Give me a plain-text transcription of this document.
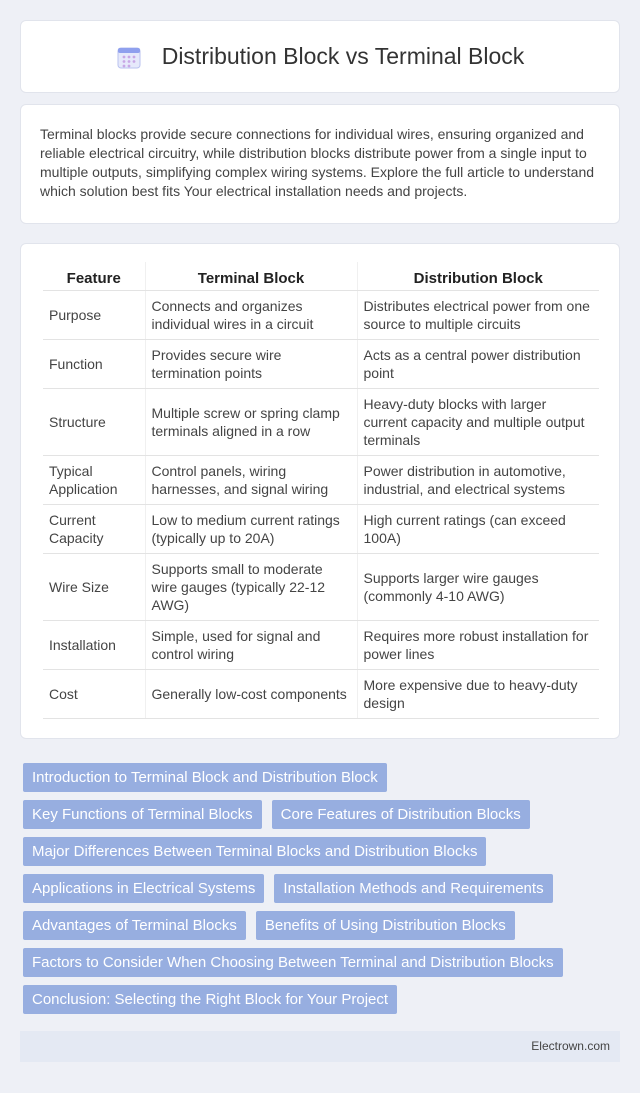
Distribution Block vs Terminal Block

Terminal blocks provide secure connections for individual wires, ensuring organized and reliable electrical circuitry, while distribution blocks distribute power from a single input to multiple outputs, simplifying complex wiring systems. Explore the full article to understand which solution best fits Your electrical installation needs and projects.

Feature	Terminal Block	Distribution Block
Purpose	Connects and organizes individual wires in a circuit	Distributes electrical power from one source to multiple circuits
Function	Provides secure wire termination points	Acts as a central power distribution point
Structure	Multiple screw or spring clamp terminals aligned in a row	Heavy-duty blocks with larger current capacity and multiple output terminals
Typical Application	Control panels, wiring harnesses, and signal wiring	Power distribution in automotive, industrial, and electrical systems
Current Capacity	Low to medium current ratings (typically up to 20A)	High current ratings (can exceed 100A)
Wire Size	Supports small to moderate wire gauges (typically 22-12 AWG)	Supports larger wire gauges (commonly 4-10 AWG)
Installation	Simple, used for signal and control wiring	Requires more robust installation for power lines
Cost	Generally low-cost components	More expensive due to heavy-duty design
Introduction to Terminal Block and Distribution Block
Key Functions of Terminal Blocks	Core Features of Distribution Blocks
Major Differences Between Terminal Blocks and Distribution Blocks
Applications in Electrical Systems	Installation Methods and Requirements
Advantages of Terminal Blocks	Benefits of Using Distribution Blocks
Factors to Consider When Choosing Between Terminal and Distribution Blocks
Conclusion: Selecting the Right Block for Your Project
Electrown.com
